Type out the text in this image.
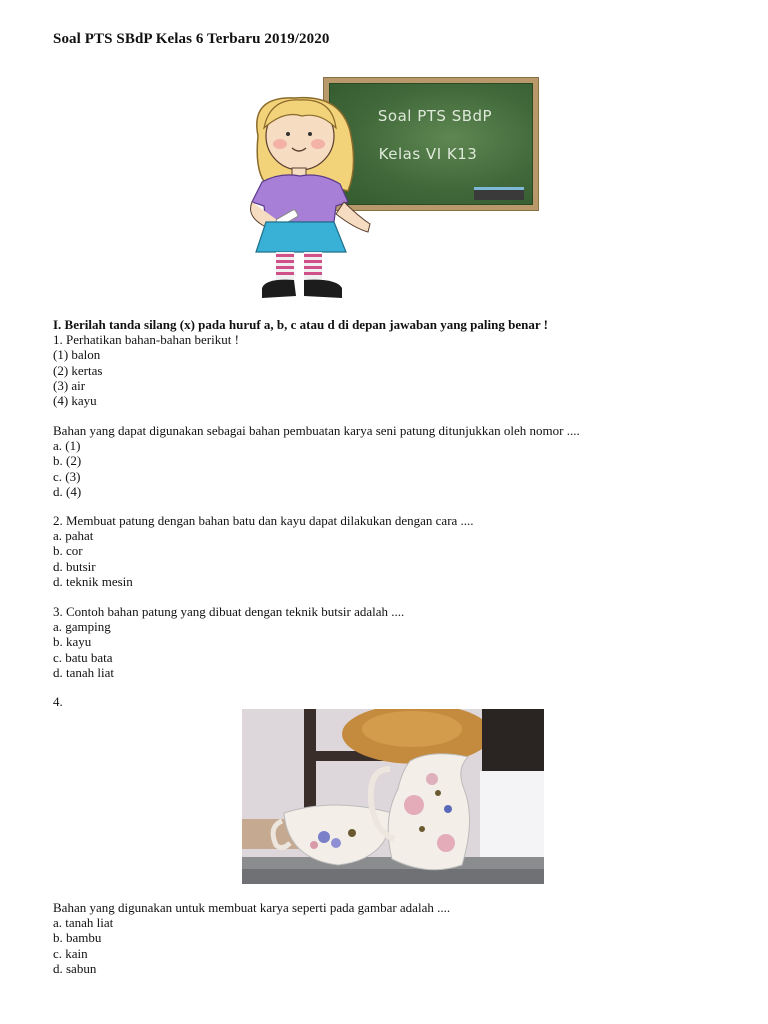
Soal PTS SBdP Kelas 6 Terbaru 2019/2020
Soal PTS SBdP
Kelas VI K13
I. Berilah tanda silang (x) pada huruf a, b, c atau d di depan jawaban yang paling benar !
1. Perhatikan bahan-bahan berikut !
(1) balon
(2) kertas
(3) air
(4) kayu
Bahan yang dapat digunakan sebagai bahan pembuatan karya seni patung ditunjukkan oleh nomor ....
a. (1)
b. (2)
c. (3)
d. (4)
2. Membuat patung dengan bahan batu dan kayu dapat dilakukan dengan cara ....
a. pahat
b. cor
d. butsir
d. teknik mesin
3. Contoh bahan patung yang dibuat dengan teknik butsir adalah ....
a. gamping
b. kayu
c. batu bata
d. tanah liat
4.
Bahan yang digunakan untuk membuat karya seperti pada gambar adalah ....
a. tanah liat
b. bambu
c. kain
d. sabun
